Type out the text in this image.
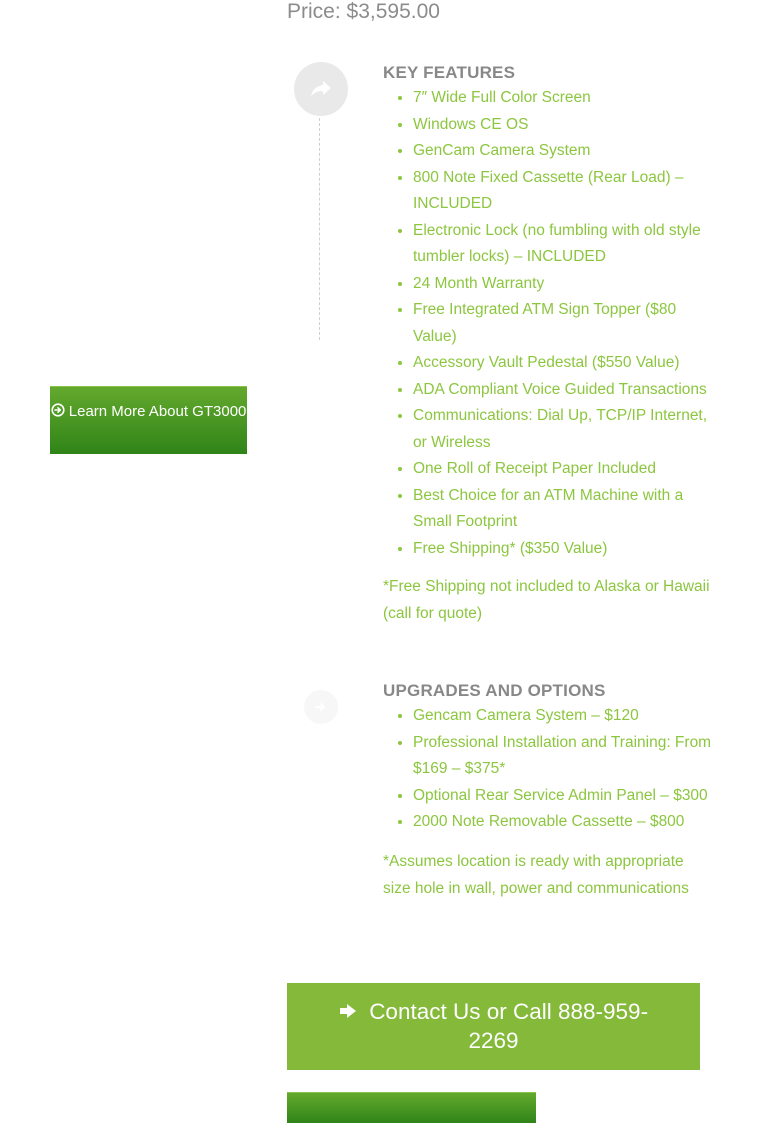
Price: $3,595.00
Learn More About GT3000
KEY FEATURES
• 7″ Wide Full Color Screen
• Windows CE OS
• GenCam Camera System
• 800 Note Fixed Cassette (Rear Load) – INCLUDED
• Electronic Lock (no fumbling with old style tumbler locks) – INCLUDED
• 24 Month Warranty
• Free Integrated ATM Sign Topper ($80 Value)
• Accessory Vault Pedestal ($550 Value)
• ADA Compliant Voice Guided Transactions
• Communications: Dial Up, TCP/IP Internet, or Wireless
• One Roll of Receipt Paper Included
• Best Choice for an ATM Machine with a Small Footprint
• Free Shipping* ($350 Value)
*Free Shipping not included to Alaska or Hawaii (call for quote)
UPGRADES AND OPTIONS
• Gencam Camera System – $120
• Professional Installation and Training: From $169 – $375*
• Optional Rear Service Admin Panel – $300
• 2000 Note Removable Cassette – $800
*Assumes location is ready with appropriate size hole in wall, power and communications
Contact Us or Call 888-959-2269
